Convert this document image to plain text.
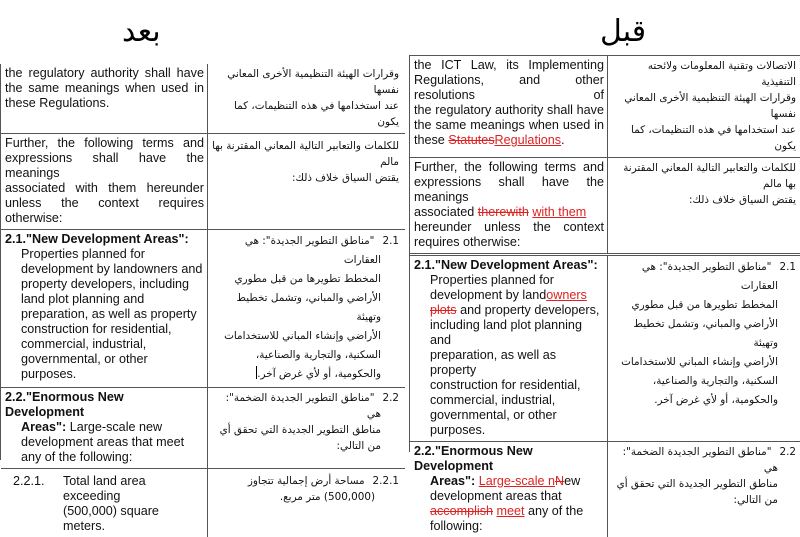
بعد	قبل
the regulatory authority shall have
the same meanings when used in
these Regulations.
وقرارات الهيئة التنظيمية الأخرى المعاني نفسها
عند استخدامها في هذه التنظيمات، كما يكون
Further, the following terms and
expressions shall have the meanings
associated with them hereunder
unless the context requires
otherwise:
للكلمات والتعابير التالية المعاني المقترنة بها مالم
يقتض السياق خلاف ذلك:
2.1."New Development Areas":
Properties planned for
development by landowners and
property developers, including
land plot planning and
preparation, as well as property
construction for residential,
commercial, industrial,
governmental, or other
purposes.
2.1
"مناطق التطوير الجديدة": هي العقارات
المخطط تطويرها من قبل مطوري
الأراضي والمباني، وتشمل تخطيط وتهيئة
الأراضي وإنشاء المباني للاستخدامات
السكنية، والتجارية والصناعية،
والحكومية، أو لأي غرض آخر.
2.2."Enormous New Development
Areas": Large-scale new
development areas that meet
any of the following:
2.2
"مناطق التطوير الجديدة الضخمة": هي
مناطق التطوير الجديدة التي تحقق أي
من التالي:
2.2.1.	Total land area exceeding
(500,000) square meters.
2.2.1
مساحة أرض إجمالية تتجاوز
(500,000) متر مربع.
the ICT Law, its Implementing
Regulations, and other resolutions of
the regulatory authority shall have
the same meanings when used in
these StatutesRegulations.
الاتصالات وتقنية المعلومات ولائحته التنفيذية
وقرارات الهيئة التنظيمية الأخرى المعاني نفسها
عند استخدامها في هذه التنظيمات، كما يكون
Further, the following terms and
expressions shall have the meanings
associated therewith with them
hereunder unless the context
requires otherwise:
للكلمات والتعابير التالية المعاني المقترنة بها مالم
يقتض السياق خلاف ذلك:
2.1."New Development Areas":
Properties planned for
development by landowners
plots and property developers,
including land plot planning and
preparation, as well as property
construction for residential,
commercial, industrial,
governmental, or other
purposes.
2.1
"مناطق التطوير الجديدة": هي العقارات
المخطط تطويرها من قبل مطوري
الأراضي والمباني، وتشمل تخطيط وتهيئة
الأراضي وإنشاء المباني للاستخدامات
السكنية، والتجارية والصناعية،
والحكومية، أو لأي غرض آخر.
2.2."Enormous New Development
Areas": Large-scale nNew
development areas that
accomplish meet any of the
following:
2.2
"مناطق التطوير الجديدة الضخمة": هي
مناطق التطوير الجديدة التي تحقق أي
من التالي:
